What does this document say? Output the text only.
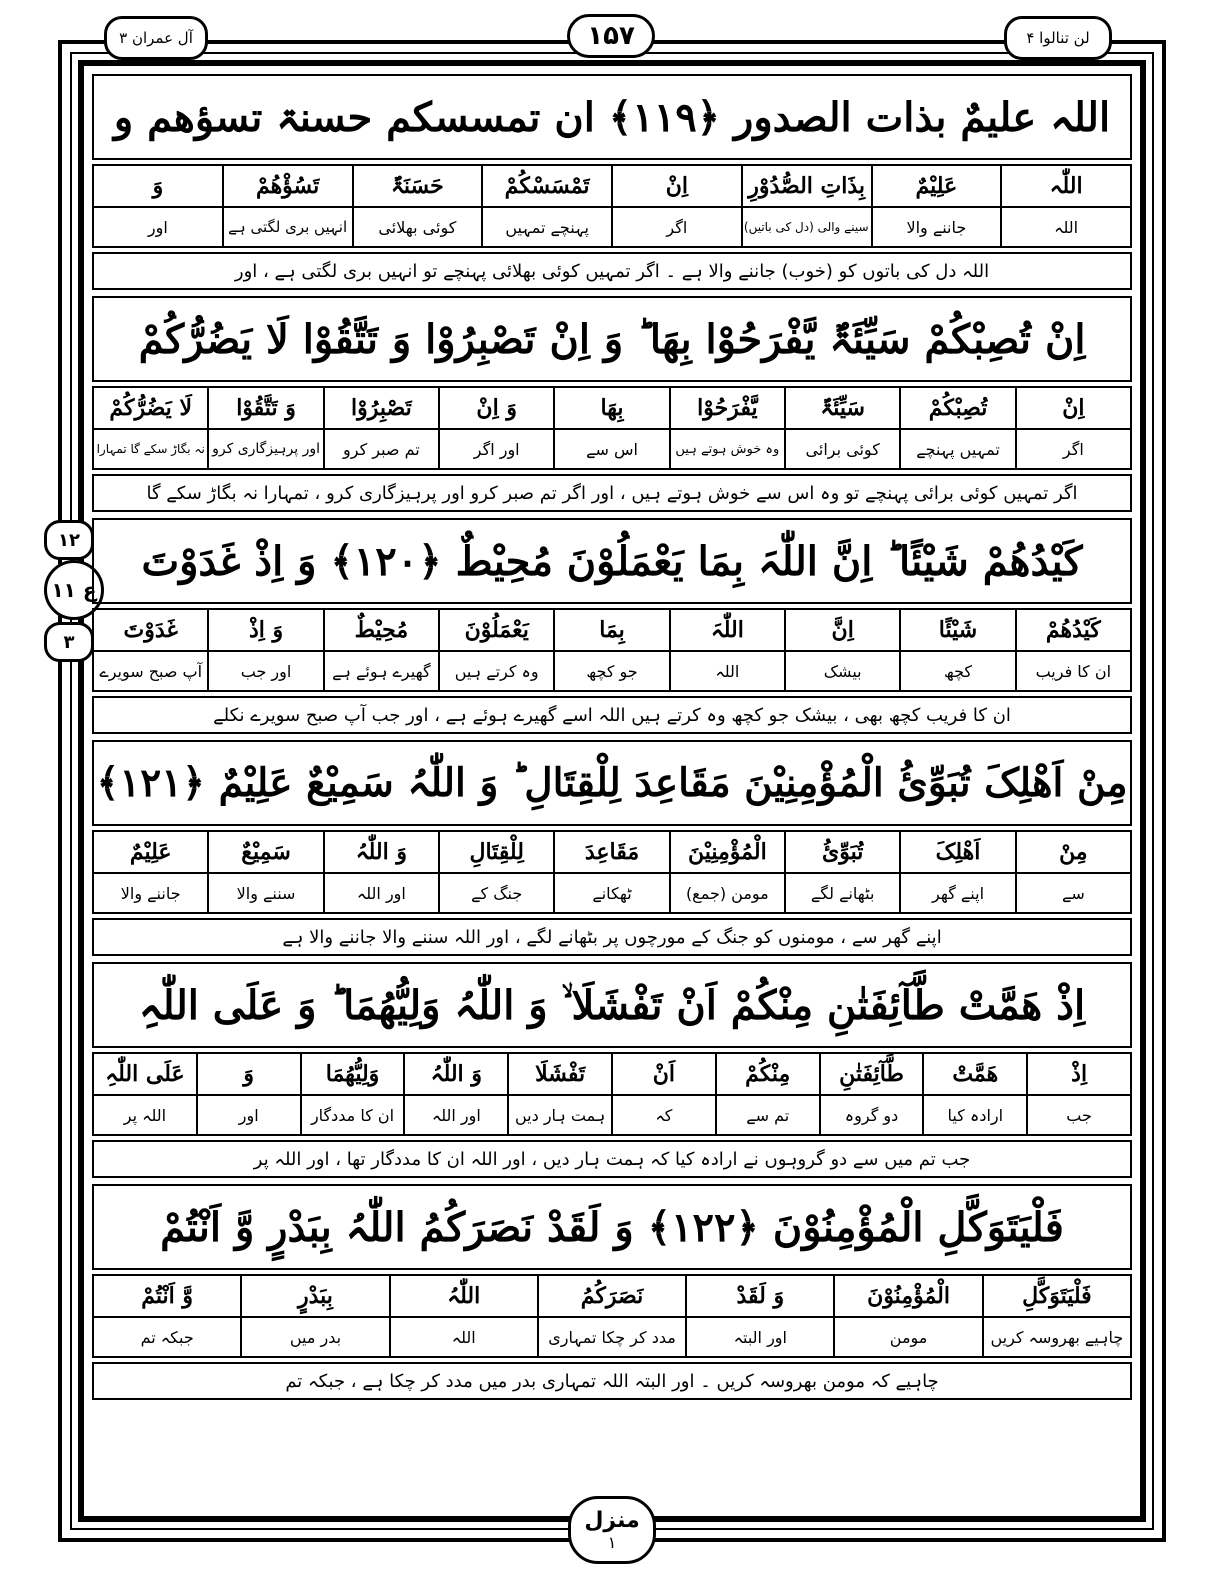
آل عمران ۳	۱۵۷	لن تنالوا ۴
۱۲
ع ۱۱
۳
اللہ علیمٌ بذات الصدور ﴿۱۱۹﴾ ان تمسسکم حسنۃ تسؤھم و
اللّٰہ	عَلِیْمٌ	بِذَاتِ الصُّدُوْرِ	اِنْ	تَمْسَسْکُمْ	حَسَنَۃٌ	تَسُؤْھُمْ	وَ
اللہ	جاننے والا	سینے والی (دل کی باتیں)	اگر	پہنچے تمہیں	کوئی بھلائی	انہیں بری لگتی ہے	اور
اللہ دل کی باتوں کو (خوب) جاننے والا ہے ۔ اگر تمہیں کوئی بھلائی پہنچے تو انہیں بری لگتی ہے ، اور
اِنْ تُصِبْکُمْ سَیِّئَۃٌ یَّفْرَحُوْا بِھَا ؕ وَ اِنْ تَصْبِرُوْا وَ تَتَّقُوْا لَا یَضُرُّکُمْ
اِنْ	تُصِبْکُمْ	سَیِّئَۃٌ	یَّفْرَحُوْا	بِھَا	وَ اِنْ	تَصْبِرُوْا	وَ تَتَّقُوْا	لَا یَضُرُّکُمْ
اگر	تمہیں پہنچے	کوئی برائی	وہ خوش ہوتے ہیں	اس سے	اور اگر	تم صبر کرو	اور پرہیزگاری کرو	نہ بگاڑ سکے گا تمہارا
اگر تمہیں کوئی برائی پہنچے تو وہ اس سے خوش ہوتے ہیں ، اور اگر تم صبر کرو اور پرہیزگاری کرو ، تمہارا نہ بگاڑ سکے گا
کَیْدُھُمْ شَیْئًا ؕ اِنَّ اللّٰہَ بِمَا یَعْمَلُوْنَ مُحِیْطٌ ﴿۱۲۰﴾ وَ اِذْ غَدَوْتَ
کَیْدُھُمْ	شَیْئًا	اِنَّ	اللّٰہَ	بِمَا	یَعْمَلُوْنَ	مُحِیْطٌ	وَ اِذْ	غَدَوْتَ
ان کا فریب	کچھ	بیشک	اللہ	جو کچھ	وہ کرتے ہیں	گھیرے ہوئے ہے	اور جب	آپ صبح سویرے
ان کا فریب کچھ بھی ، بیشک جو کچھ وہ کرتے ہیں اللہ اسے گھیرے ہوئے ہے ، اور جب آپ صبح سویرے نکلے
مِنْ اَھْلِکَ تُبَوِّئُ الْمُؤْمِنِیْنَ مَقَاعِدَ لِلْقِتَالِ ؕ وَ اللّٰہُ سَمِیْعٌ عَلِیْمٌ ﴿۱۲۱﴾
مِنْ	اَھْلِکَ	تُبَوِّئُ	الْمُؤْمِنِیْنَ	مَقَاعِدَ	لِلْقِتَالِ	وَ اللّٰہُ	سَمِیْعٌ	عَلِیْمٌ
سے	اپنے گھر	بٹھانے لگے	مومن (جمع)	ٹھکانے	جنگ کے	اور اللہ	سننے والا	جاننے والا
اپنے گھر سے ، مومنوں کو جنگ کے مورچوں پر بٹھانے لگے ، اور اللہ سننے والا جاننے والا ہے
اِذْ ھَمَّتْ طَّآئِفَتٰنِ مِنْکُمْ اَنْ تَفْشَلَا ۙ وَ اللّٰہُ وَلِیُّھُمَا ؕ وَ عَلَی اللّٰہِ
اِذْ	ھَمَّتْ	طَّآئِفَتٰنِ	مِنْکُمْ	اَنْ	تَفْشَلَا	وَ اللّٰہُ	وَلِیُّھُمَا	وَ	عَلَی اللّٰہِ
جب	ارادہ کیا	دو گروہ	تم سے	کہ	ہمت ہار دیں	اور اللہ	ان کا مددگار	اور	اللہ پر
جب تم میں سے دو گروہوں نے ارادہ کیا کہ ہمت ہار دیں ، اور اللہ ان کا مددگار تھا ، اور اللہ پر
فَلْیَتَوَکَّلِ الْمُؤْمِنُوْنَ ﴿۱۲۲﴾ وَ لَقَدْ نَصَرَکُمُ اللّٰہُ بِبَدْرٍ وَّ اَنْتُمْ
فَلْیَتَوَکَّلِ	الْمُؤْمِنُوْنَ	وَ لَقَدْ	نَصَرَکُمُ	اللّٰہُ	بِبَدْرٍ	وَّ اَنْتُمْ
چاہیے بھروسہ کریں	مومن	اور البتہ	مدد کر چکا تمہاری	اللہ	بدر میں	جبکہ تم
چاہیے کہ مومن بھروسہ کریں ۔ اور البتہ اللہ تمہاری بدر میں مدد کر چکا ہے ، جبکہ تم
منزل
۱
